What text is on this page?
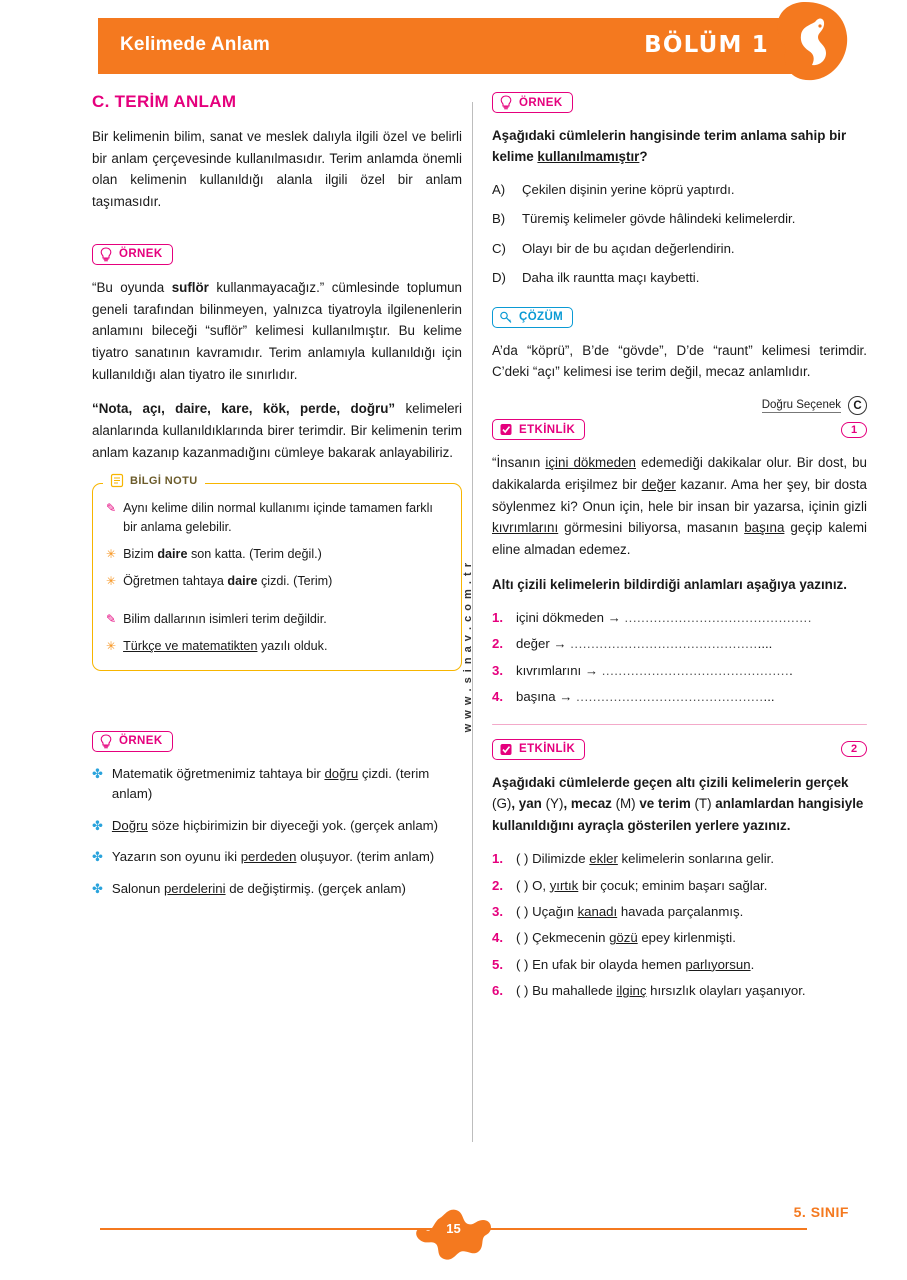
Kelimede Anlam	BÖLÜM 1
w w w . s i n a v . c o m . t r
C. TERİM ANLAM

Bir kelimenin bilim, sanat ve meslek dalıyla ilgili özel ve belirli bir anlam çerçevesinde kullanılmasıdır. Terim anlamda önemli olan kelimenin kullanıldığı alanla ilgili özel bir anlam taşımasıdır.

ÖRNEK

“Bu oyunda suflör kullanmayacağız.” cümlesinde toplumun geneli tarafından bilinmeyen, yalnızca tiyatroyla ilgilenenlerin anlamını bileceği “suflör” kelimesi kullanılmıştır. Bu kelime tiyatro sanatının kavramıdır. Terim anlamıyla kullanıldığı için kullanıldığı alan tiyatro ile sınırlıdır.

“Nota, açı, daire, kare, kök, perde, doğru” kelimeleri alanlarında kullanıldıklarında birer terimdir. Bir kelimenin terim anlam kazanıp kazanmadığını cümleye bakarak anlayabiliriz.

BİLGİ NOTU
✎ Aynı kelime dilin normal kullanımı içinde tamamen farklı bir anlama gelebilir.
✳ Bizim daire son katta. (Terim değil.)
✳ Öğretmen tahtaya daire çizdi. (Terim)
✎ Bilim dallarının isimleri terim değildir.
✳ Türkçe ve matematikten yazılı olduk.
ÖRNEK
✤ Matematik öğretmenimiz tahtaya bir doğru çizdi. (terim anlam)
✤ Doğru söze hiçbirimizin bir diyeceği yok. (gerçek anlam)
✤ Yazarın son oyunu iki perdeden oluşuyor. (terim anlam)
✤ Salonun perdelerini de değiştirmiş. (gerçek anlam)
ÖRNEK

Aşağıdaki cümlelerin hangisinde terim anlama sahip bir kelime kullanılmamıştır?

A)	Çekilen dişinin yerine köprü yaptırdı.
B)	Türemiş kelimeler gövde hâlindeki kelimelerdir.
C)	Olayı bir de bu açıdan değerlendirin.
D)	Daha ilk rauntta maçı kaybetti.
ÇÖZÜM

A’da “köprü”, B’de “gövde”, D’de “raunt” kelimesi terimdir. C’deki “açı” kelimesi ise terim değil, mecaz anlamlıdır.

Doğru Seçenek	C
ETKİNLİK	1

“İnsanın içini dökmeden edemediği dakikalar olur. Bir dost, bu dakikalarda erişilmez bir değer kazanır. Ama her şey, bir dosta söylenmez ki? Onun için, hele bir insan bir yazarsa, içinin gizli kıvrımlarını görmesini biliyorsa, masanın başına geçip kalemi eline almadan edemez.

Altı çizili kelimelerin bildirdiği anlamları aşağıya yazınız.

1. içini dökmeden → .............................................
2. değer → .................................................
3. kıvrımlarını → ..............................................
4. başına → ................................................
ETKİNLİK	2

Aşağıdaki cümlelerde geçen altı çizili kelimelerin gerçek (G), yan (Y), mecaz (M) ve terim (T) anlamlardan hangisiyle kullanıldığını ayraçla gösterilen yerlere yazınız.

1. ( ) Dilimizde ekler kelimelerin sonlarına gelir.
2. ( ) O, yırtık bir çocuk; eminim başarı sağlar.
3. ( ) Uçağın kanadı havada parçalanmış.
4. ( ) Çekmecenin gözü epey kirlenmişti.
5. ( ) En ufak bir olayda hemen parlıyorsun.
6. ( ) Bu mahallede ilginç hırsızlık olayları yaşanıyor.
15
5. SINIF
